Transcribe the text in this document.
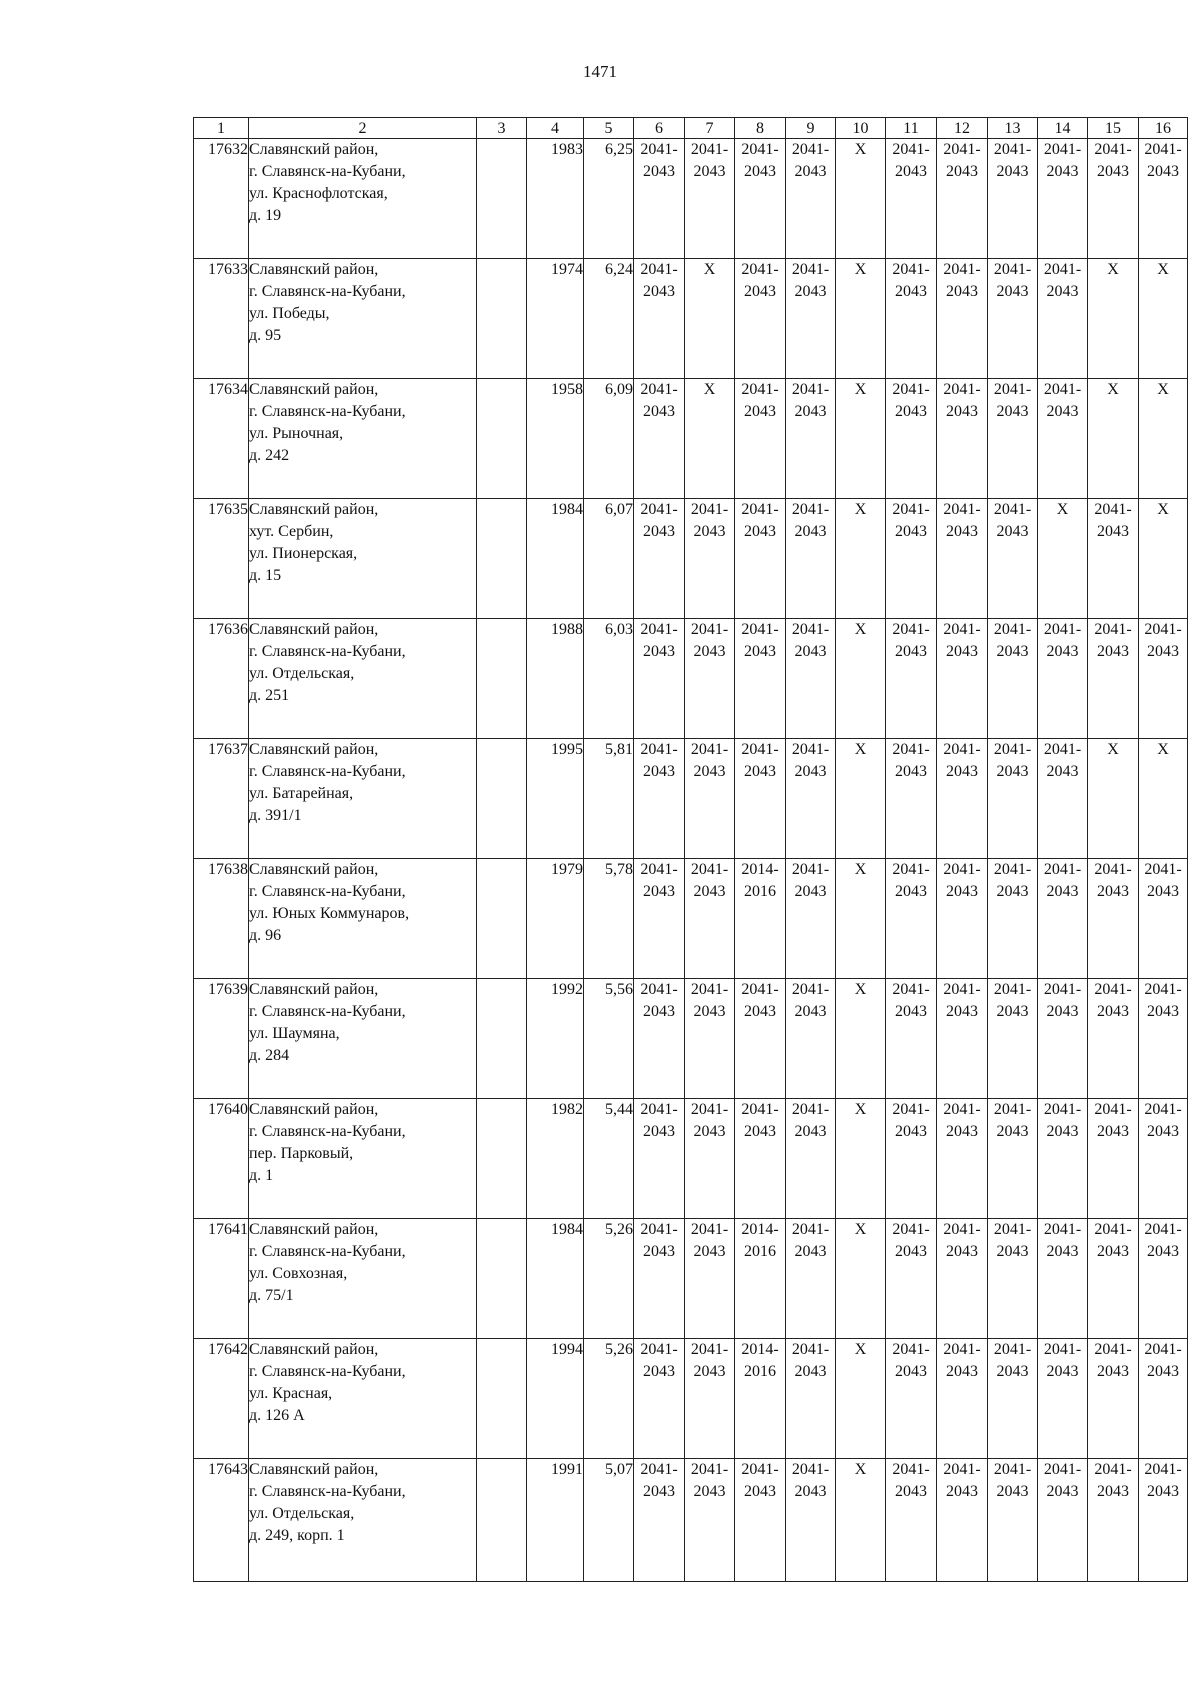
1471
1	2	3	4	5	6	7	8	9	10	11	12	13	14	15	16
17632	Славянский район,
г. Славянск-на-Кубани,
ул. Краснофлотская,
д. 19		1983	6,25	2041-
2043	2041-
2043	2041-
2043	2041-
2043	Х	2041-
2043	2041-
2043	2041-
2043	2041-
2043	2041-
2043	2041-
2043

17633	Славянский район,
г. Славянск-на-Кубани,
ул. Победы,
д. 95		1974	6,24	2041-
2043	Х	2041-
2043	2041-
2043	Х	2041-
2043	2041-
2043	2041-
2043	2041-
2043	Х	Х
17634	Славянский район,
г. Славянск-на-Кубани,
ул. Рыночная,
д. 242		1958	6,09	2041-
2043	Х	2041-
2043	2041-
2043	Х	2041-
2043	2041-
2043	2041-
2043	2041-
2043	Х	Х
17635	Славянский район,
хут. Сербин,
ул. Пионерская,
д. 15		1984	6,07	2041-
2043	2041-
2043	2041-
2043	2041-
2043	Х	2041-
2043	2041-
2043	2041-
2043	Х	2041-
2043	Х
17636	Славянский район,
г. Славянск-на-Кубани,
ул. Отдельская,
д. 251		1988	6,03	2041-
2043	2041-
2043	2041-
2043	2041-
2043	Х	2041-
2043	2041-
2043	2041-
2043	2041-
2043	2041-
2043	2041-
2043

17637	Славянский район,
г. Славянск-на-Кубани,
ул. Батарейная,
д. 391/1		1995	5,81	2041-
2043	2041-
2043	2041-
2043	2041-
2043	Х	2041-
2043	2041-
2043	2041-
2043	2041-
2043	Х	Х
17638	Славянский район,
г. Славянск-на-Кубани,
ул. Юных Коммунаров,
д. 96		1979	5,78	2041-
2043	2041-
2043	2014-
2016	2041-
2043	Х	2041-
2043	2041-
2043	2041-
2043	2041-
2043	2041-
2043	2041-
2043

17639	Славянский район,
г. Славянск-на-Кубани,
ул. Шаумяна,
д. 284		1992	5,56	2041-
2043	2041-
2043	2041-
2043	2041-
2043	Х	2041-
2043	2041-
2043	2041-
2043	2041-
2043	2041-
2043	2041-
2043

17640	Славянский район,
г. Славянск-на-Кубани,
пер. Парковый,
д. 1		1982	5,44	2041-
2043	2041-
2043	2041-
2043	2041-
2043	Х	2041-
2043	2041-
2043	2041-
2043	2041-
2043	2041-
2043	2041-
2043

17641	Славянский район,
г. Славянск-на-Кубани,
ул. Совхозная,
д. 75/1		1984	5,26	2041-
2043	2041-
2043	2014-
2016	2041-
2043	Х	2041-
2043	2041-
2043	2041-
2043	2041-
2043	2041-
2043	2041-
2043

17642	Славянский район,
г. Славянск-на-Кубани,
ул. Красная,
д. 126 А		1994	5,26	2041-
2043	2041-
2043	2014-
2016	2041-
2043	Х	2041-
2043	2041-
2043	2041-
2043	2041-
2043	2041-
2043	2041-
2043

17643	Славянский район,
г. Славянск-на-Кубани,
ул. Отдельская,
д. 249, корп. 1		1991	5,07	2041-
2043	2041-
2043	2041-
2043	2041-
2043	Х	2041-
2043	2041-
2043	2041-
2043	2041-
2043	2041-
2043	2041-
2043
